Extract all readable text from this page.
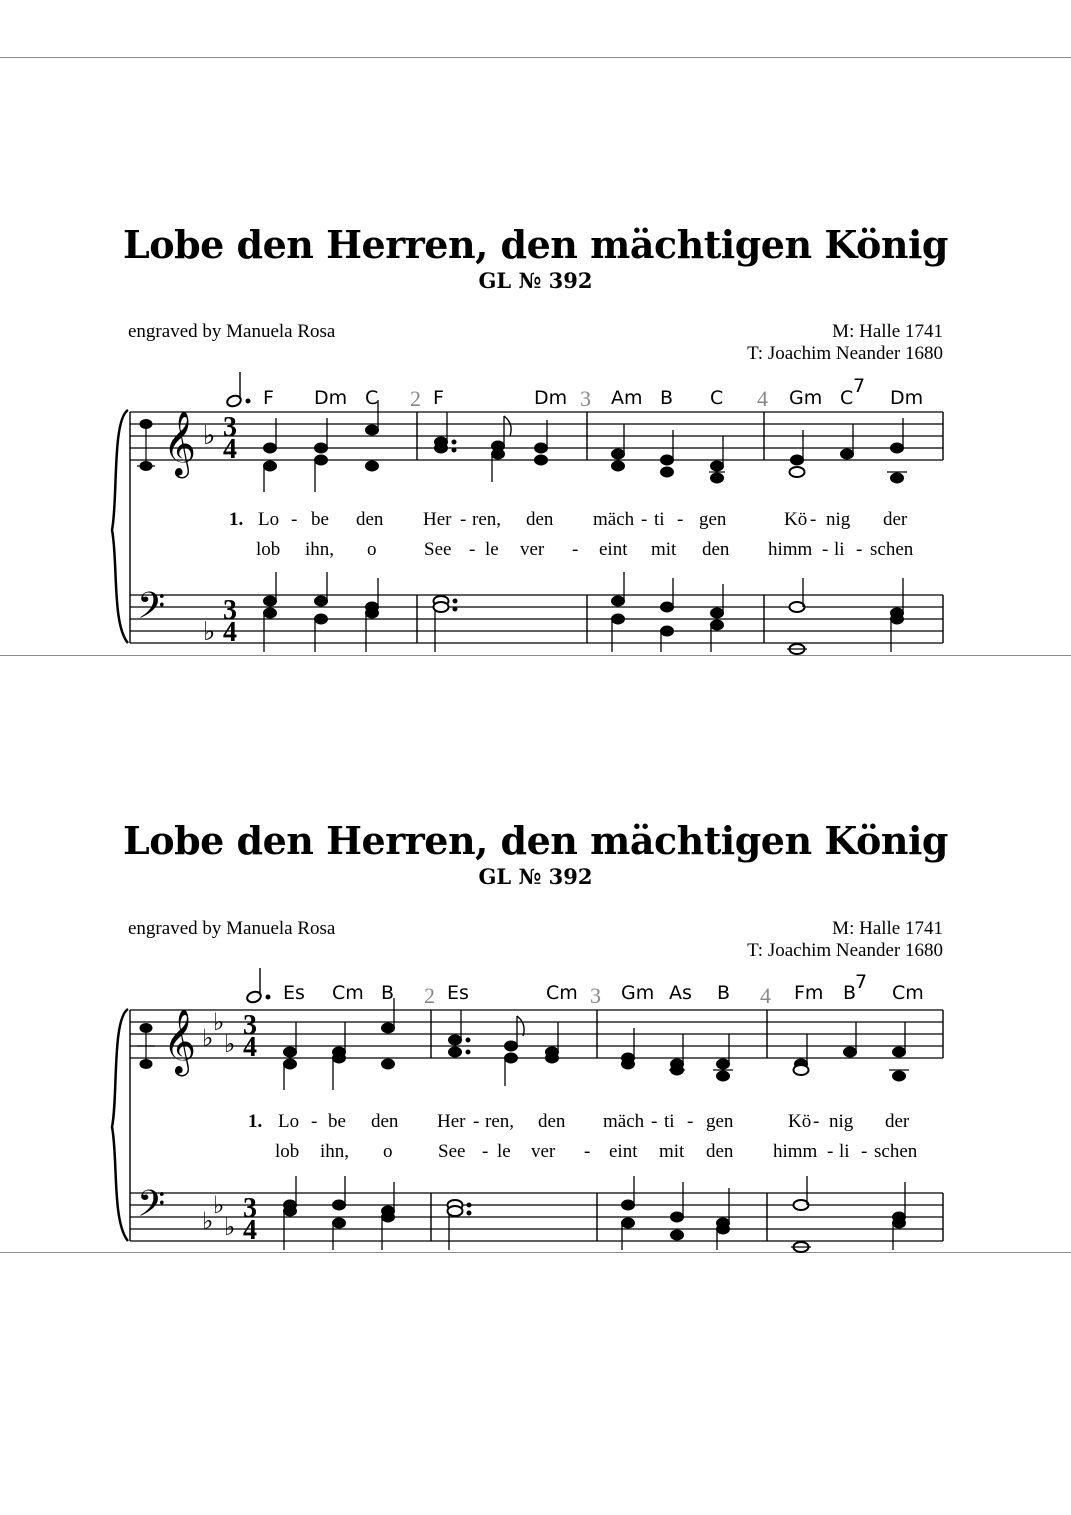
Lobe den Herren, den mächtigen König
GL № 392
engraved by Manuela Rosa	M: Halle 1741
T: Joachim Neander 1680
𝄞
𝄢
♭
♭
3
4
3
4
F Dm C	F	Dm Am B C	Gm C
7
Dm
2	3	4
1. Lo - be den Her - ren, den mäch - ti - gen	Kö - nig der
lob ihn, o	See - le ver - eint mit den himm - li - schen
Lobe den Herren, den mächtigen König
GL № 392
engraved by Manuela Rosa	M: Halle 1741
T: Joachim Neander 1680
𝄞
𝄢
♭
♭
♭
♭
♭
♭
3
4
3
4
Es Cm B	Es	Cm Gm As B	Fm B
7 Cm
2	3	4
1. Lo - be den Her - ren, den mäch - ti - gen	Kö - nig der
lob ihn, o See - le ver - eint mit den himm - li - schen
